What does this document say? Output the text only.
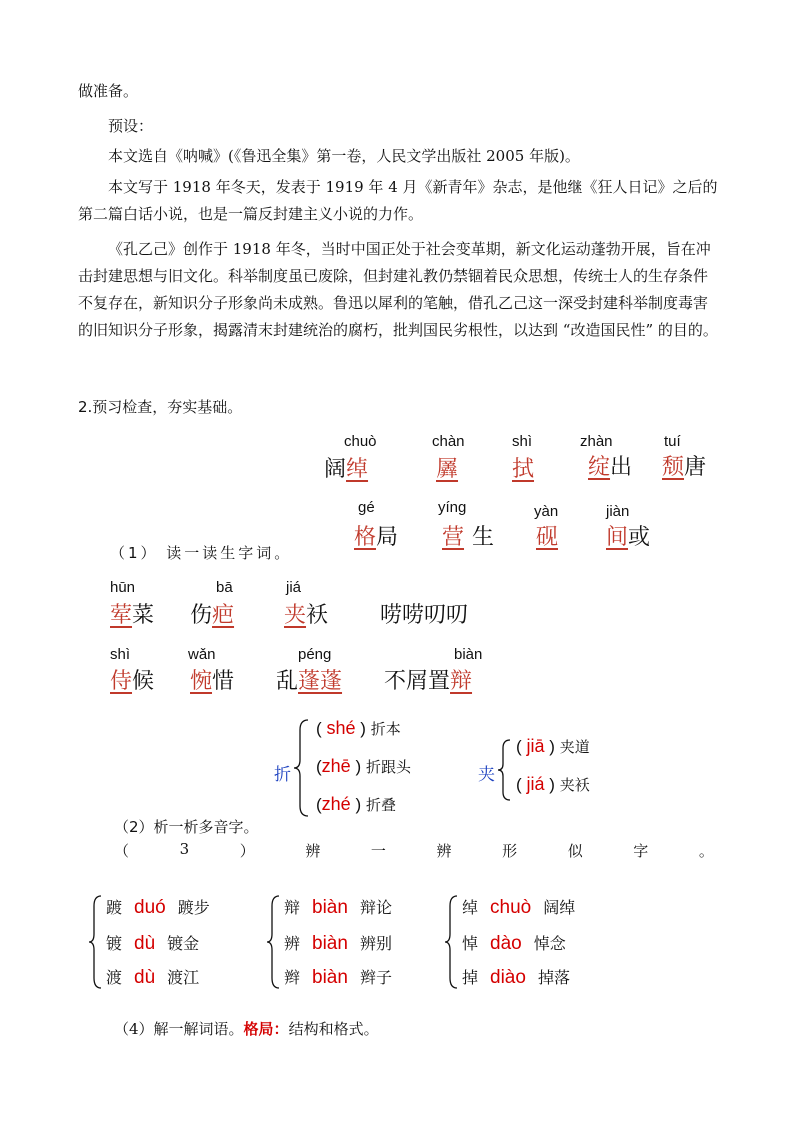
做准备。
预设：
本文选自《呐喊》(《鲁迅全集》第一卷，人民文学出版社 2005 年版)。
本文写于 1918 年冬天，发表于 1919 年 4 月《新青年》杂志，是他继《狂人日记》之后的第二篇白话小说，也是一篇反封建主义小说的力作。
《孔乙己》创作于 1918 年冬，当时中国正处于社会变革期，新文化运动蓬勃开展，旨在冲击封建思想与旧文化。科举制度虽已废除，但封建礼教仍禁锢着民众思想，传统士人的生存条件不复存在，新知识分子形象尚未成熟。鲁迅以犀利的笔触，借孔乙己这一深受封建科举制度毒害的旧知识分子形象，揭露清末封建统治的腐朽，批判国民劣根性，以达到 “改造国民性” 的目的。
2.预习检查，夯实基础。
chuò
阔绰
chàn
羼
shì
拭
zhàn
绽出
tuí
颓唐
gé
格局
yíng
营 生
yàn
砚
jiàn
间或
（1） 读一读生字词。
hūn
荤菜
bā
伤疤
jiá
夹袄 唠唠叨叨
shì
侍候
wǎn
惋惜
péng
乱蓬蓬
biàn
不屑置辩
折
( shé ) 折本
(zhē ) 折跟头
(zhé ) 折叠
夹
( jiā ) 夹道
( jiá ) 夹袄
（2）析一析多音字。
（	3	）	辨	一	辨	形	似	字	。
踱 duó 踱步
镀 dù 镀金
渡 dù 渡江
辩 biàn 辩论
辨 biàn 辨别
辫 biàn 辫子
绰 chuò 阔绰
悼 dào 悼念
掉 diào 掉落
（4）解一解词语。格局：结构和格式。
